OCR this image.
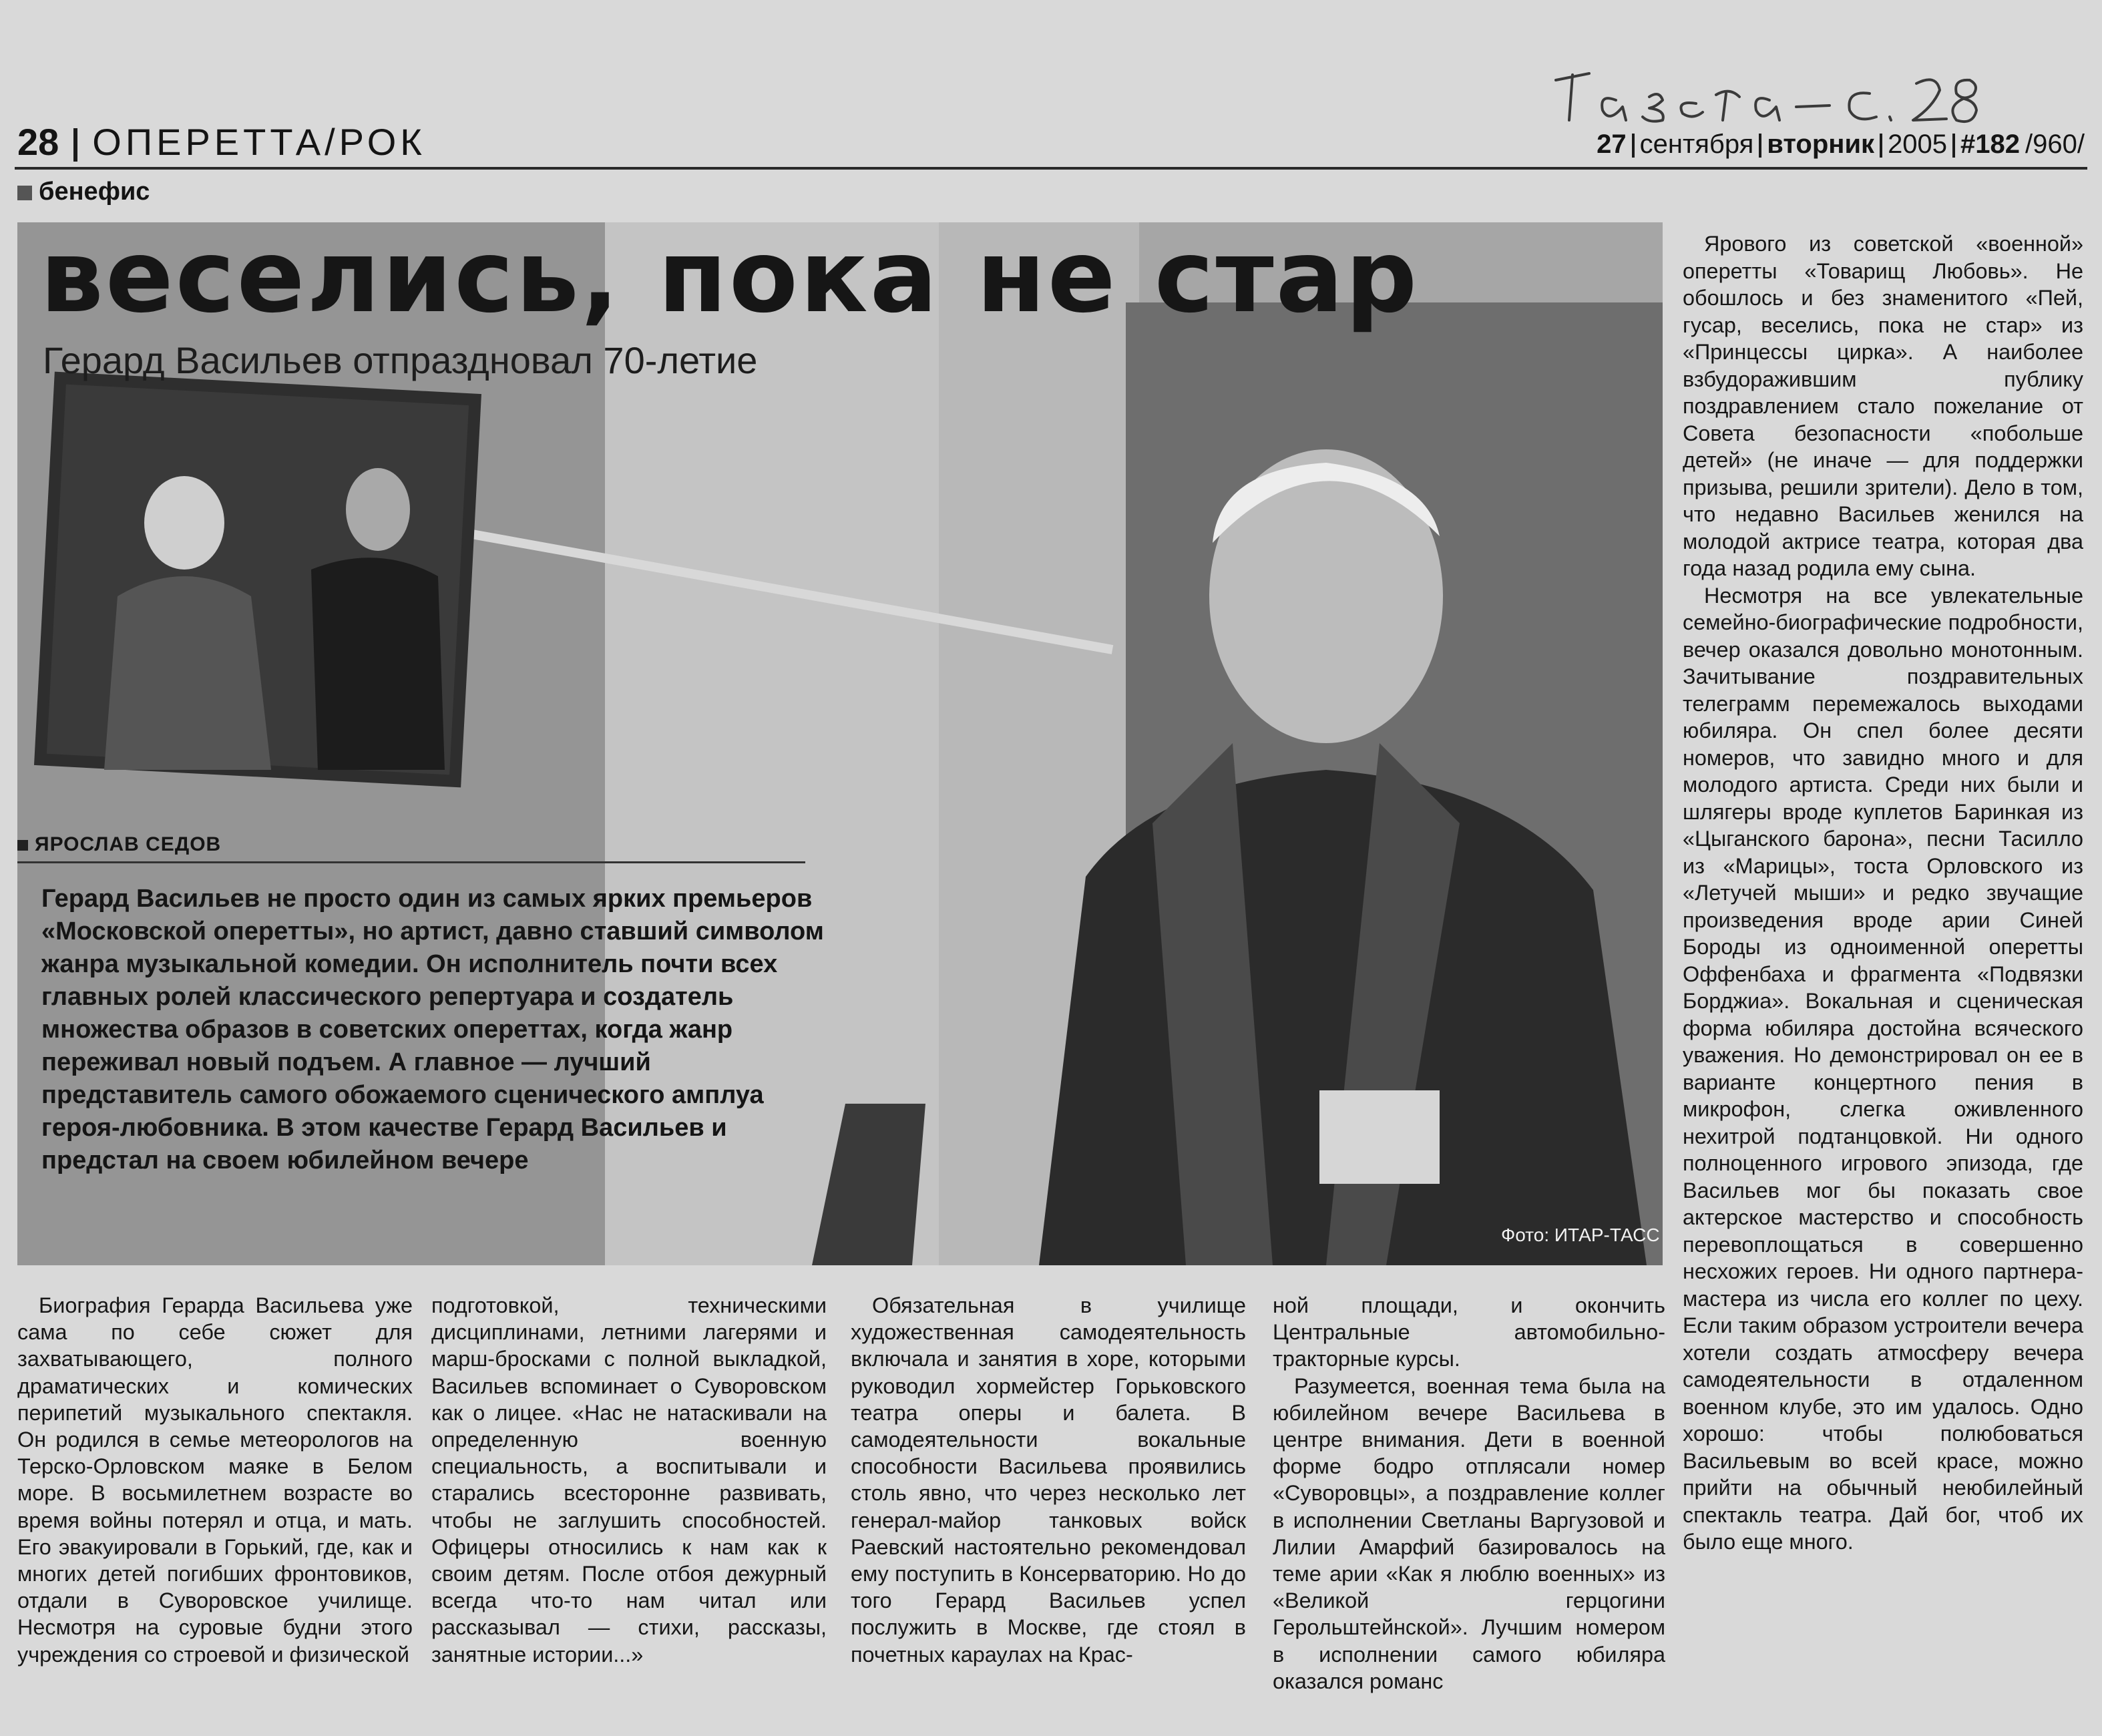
28 ОПЕРЕТТА/РОК	27 сентября вторник 2005 #182 /960/
бенефис
веселись, пока не стар
Герард Васильев отпраздновал 70-летие
ЯРОСЛАВ СЕДОВ
Герард Васильев не просто один из самых ярких премьеров «Московской оперетты», но артист, давно ставший символом жанра музыкальной комедии. Он исполнитель почти всех главных ролей классического репертуара и создатель множества образов в советских опереттах, когда жанр переживал новый подъем. А главное — лучший представитель самого обожаемого сценического амплуа героя-любовника. В этом качестве Герард Васильев и предстал на своем юбилейном вечере
Фото: ИТАР-ТАСС

Ярового из советской «военной» оперетты «Товарищ Любовь». Не обошлось и без знаменитого «Пей, гусар, веселись, пока не стар» из «Принцессы цирка». А наиболее взбудоражившим публику поздравлением стало пожелание от Совета безопасности «побольше детей» (не иначе — для поддержки призыва, решили зрители). Дело в том, что недавно Васильев женился на молодой актрисе театра, которая два года назад родила ему сына.

Несмотря на все увлекательные семейно-биографические подробности, вечер оказался довольно монотонным. Зачитывание поздравительных телеграмм перемежалось выходами юбиляра. Он спел более десяти номеров, что завидно много и для молодого артиста. Среди них были и шлягеры вроде куплетов Баринкая из «Цыганского барона», песни Тасилло из «Марицы», тоста Орловского из «Летучей мыши» и редко звучащие произведения вроде арии Синей Бороды из одноименной оперетты Оффенбаха и фрагмента «Подвязки Борджиа». Вокальная и сценическая форма юбиляра достойна всяческого уважения. Но демонстрировал он ее в варианте концертного пения в микрофон, слегка оживленного нехитрой подтанцовкой. Ни одного полноценного игрового эпизода, где Васильев мог бы показать свое актерское мастерство и способность перевоплощаться в совершенно несхожих героев. Ни одного партнера-мастера из числа его коллег по цеху. Если таким образом устроители вечера хотели создать атмосферу вечера самодеятельности в отдаленном военном клубе, это им удалось. Одно хорошо: чтобы полюбоваться Васильевым во всей красе, можно прийти на обычный неюбилейный спектакль театра. Дай бог, чтоб их было еще много.

Биография Герарда Васильева уже сама по себе сюжет для захватывающего, полного драматических и комических перипетий музыкального спектакля. Он родился в семье метеорологов на Терско-Орловском маяке в Белом море. В восьмилетнем возрасте во время войны потерял и отца, и мать. Его эвакуировали в Горький, где, как и многих детей погибших фронтовиков, отдали в Суворовское училище. Несмотря на суровые будни этого учреждения со строевой и физической

подготовкой, техническими дисциплинами, летними лагерями и марш-бросками с полной выкладкой, Васильев вспоминает о Суворовском как о лицее. «Нас не натаскивали на определенную военную специальность, а воспитывали и старались всесторонне развивать, чтобы не заглушить способностей. Офицеры относились к нам как к своим детям. После отбоя дежурный всегда что-то нам читал или рассказывал — стихи, рассказы, занятные истории...»

Обязательная в училище художественная самодеятельность включала и занятия в хоре, которыми руководил хормейстер Горьковского театра оперы и балета. В самодеятельности вокальные способности Васильева проявились столь явно, что через несколько лет генерал-майор танковых войск Раевский настоятельно рекомендовал ему поступить в Консерваторию. Но до того Герард Васильев успел послужить в Москве, где стоял в почетных караулах на Крас-

ной площади, и окончить Центральные автомобильно-тракторные курсы.

Разумеется, военная тема была на юбилейном вечере Васильева в центре внимания. Дети в военной форме бодро отплясали номер «Суворовцы», а поздравление коллег в исполнении Светланы Варгузовой и Лилии Амарфий базировалось на теме арии «Как я люблю военных» из «Великой герцогини Герольштейнской». Лучшим номером в исполнении самого юбиляра оказался романс
